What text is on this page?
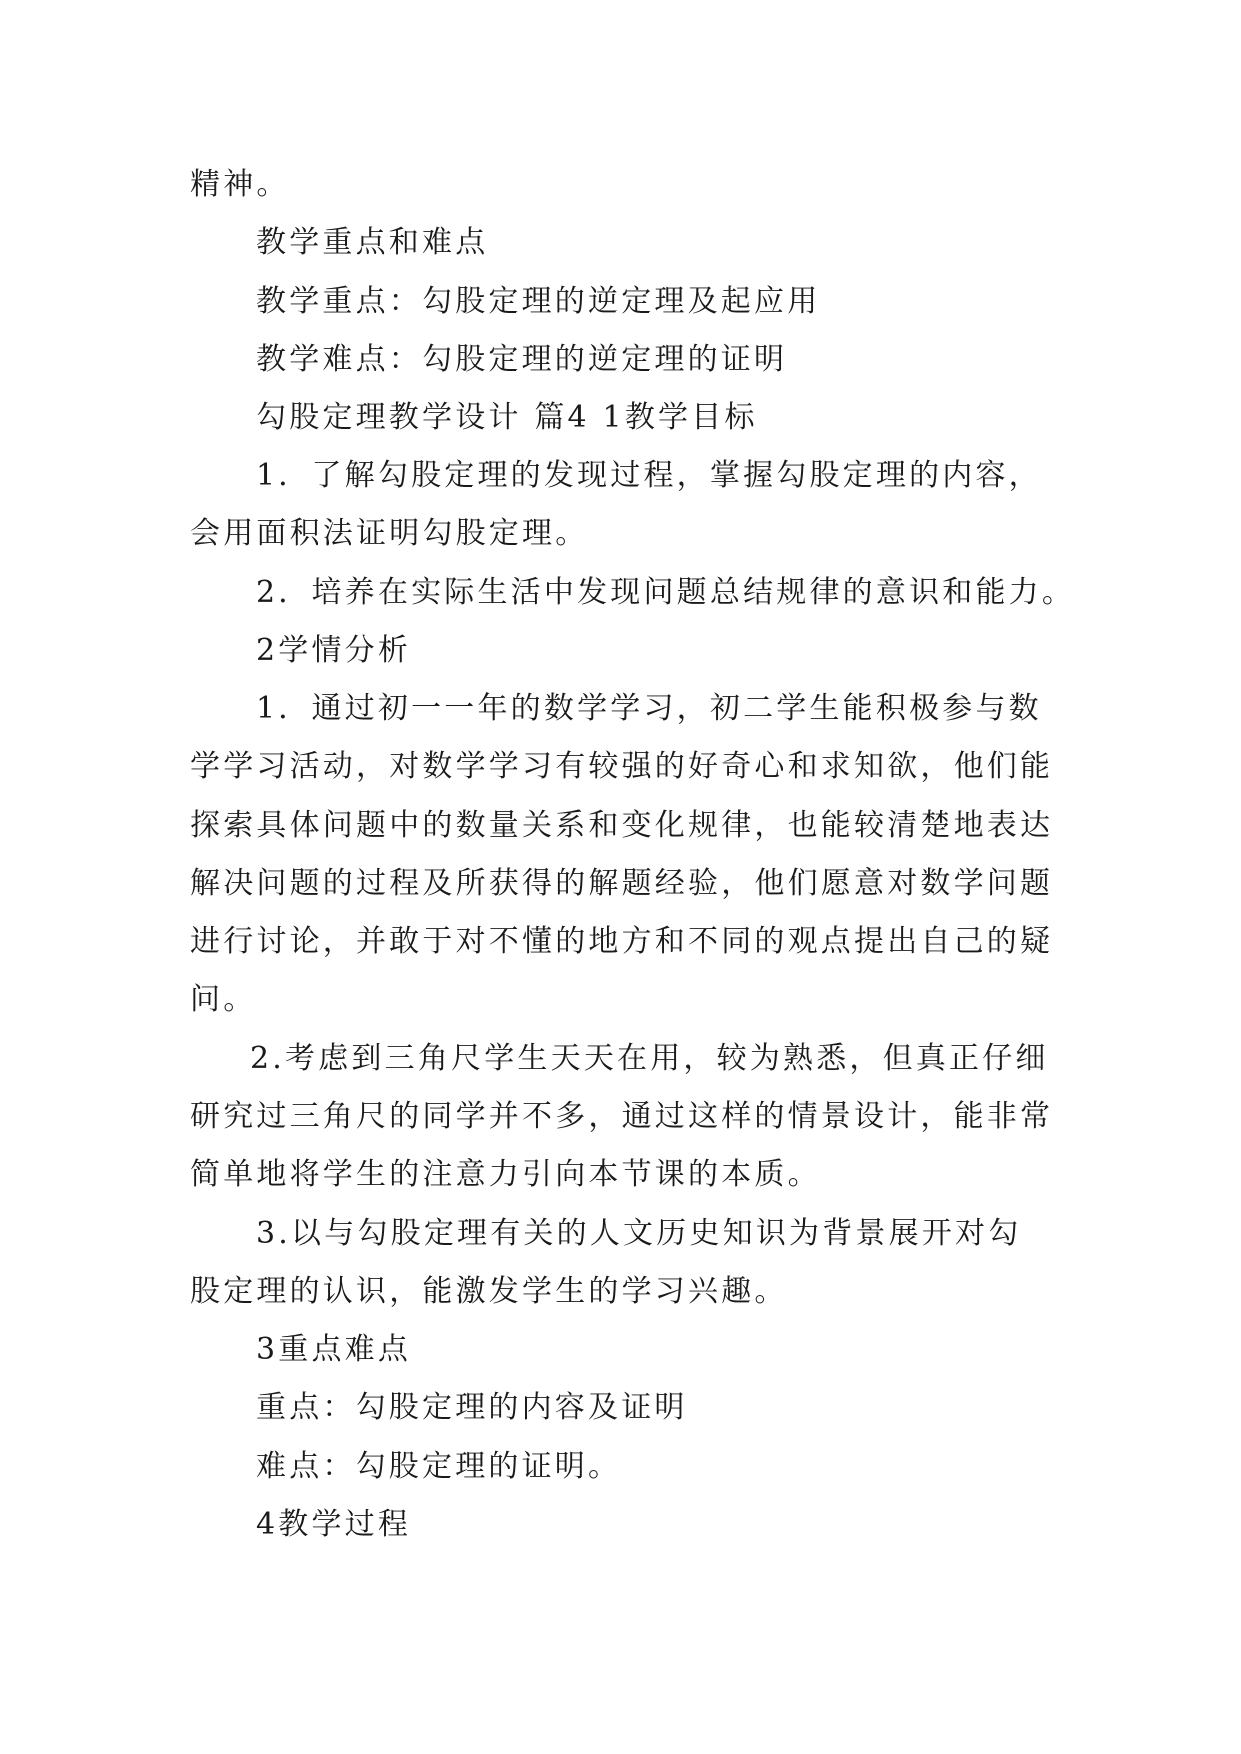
精神。
教学重点和难点
教学重点：勾股定理的逆定理及起应用
教学难点：勾股定理的逆定理的证明
勾股定理教学设计 篇4 1教学目标
1．了解勾股定理的发现过程，掌握勾股定理的内容，
会用面积法证明勾股定理。
2．培养在实际生活中发现问题总结规律的意识和能力。
2学情分析
1．通过初一一年的数学学习，初二学生能积极参与数
学学习活动，对数学学习有较强的好奇心和求知欲，他们能
探索具体问题中的数量关系和变化规律，也能较清楚地表达
解决问题的过程及所获得的解题经验，他们愿意对数学问题
进行讨论，并敢于对不懂的地方和不同的观点提出自己的疑
问。
2.考虑到三角尺学生天天在用，较为熟悉，但真正仔细
研究过三角尺的同学并不多，通过这样的情景设计，能非常
简单地将学生的注意力引向本节课的本质。
3.以与勾股定理有关的人文历史知识为背景展开对勾
股定理的认识，能激发学生的学习兴趣。
3重点难点
重点：勾股定理的内容及证明
难点：勾股定理的证明。
4教学过程
